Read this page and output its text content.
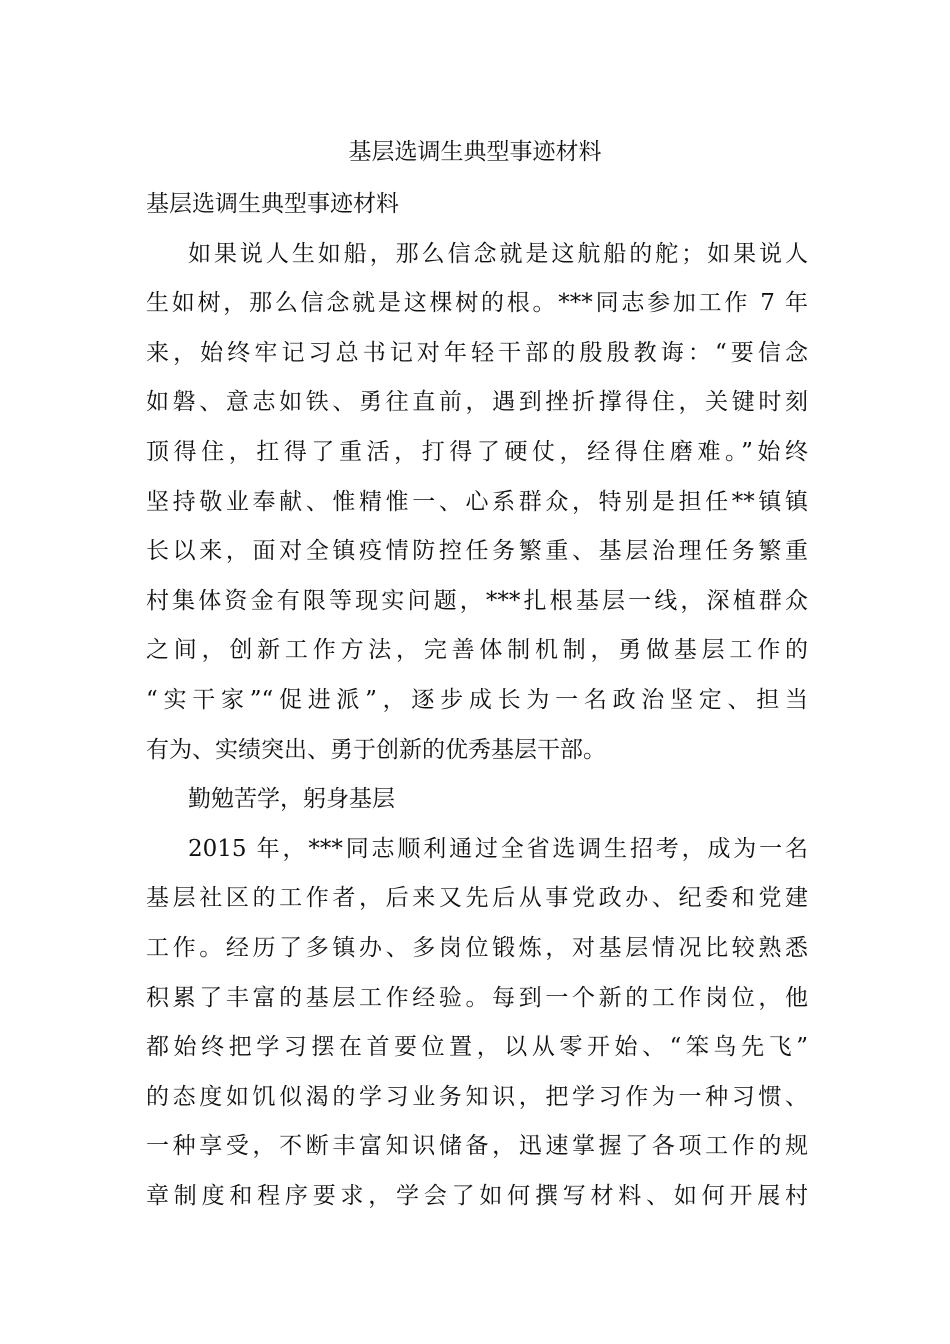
基层选调生典型事迹材料
基层选调生典型事迹材料
如果说人生如船，那么信念就是这航船的舵；如果说人
生如树，那么信念就是这棵树的根。***同志参加工作 7 年
来，始终牢记习总书记对年轻干部的殷殷教诲：“要信念
如磐、意志如铁、勇往直前，遇到挫折撑得住，关键时刻
顶得住，扛得了重活，打得了硬仗，经得住磨难。”始终
坚持敬业奉献、惟精惟一、心系群众，特别是担任**镇镇
长以来，面对全镇疫情防控任务繁重、基层治理任务繁重
村集体资金有限等现实问题，***扎根基层一线，深植群众
之间，创新工作方法，完善体制机制，勇做基层工作的
“实干家”“促进派”，逐步成长为一名政治坚定、担当
有为、实绩突出、勇于创新的优秀基层干部。
勤勉苦学，躬身基层
2015 年，***同志顺利通过全省选调生招考，成为一名
基层社区的工作者，后来又先后从事党政办、纪委和党建
工作。经历了多镇办、多岗位锻炼，对基层情况比较熟悉
积累了丰富的基层工作经验。每到一个新的工作岗位，他
都始终把学习摆在首要位置，以从零开始、“笨鸟先飞”
的态度如饥似渴的学习业务知识，把学习作为一种习惯、
一种享受，不断丰富知识储备，迅速掌握了各项工作的规
章制度和程序要求，学会了如何撰写材料、如何开展村
